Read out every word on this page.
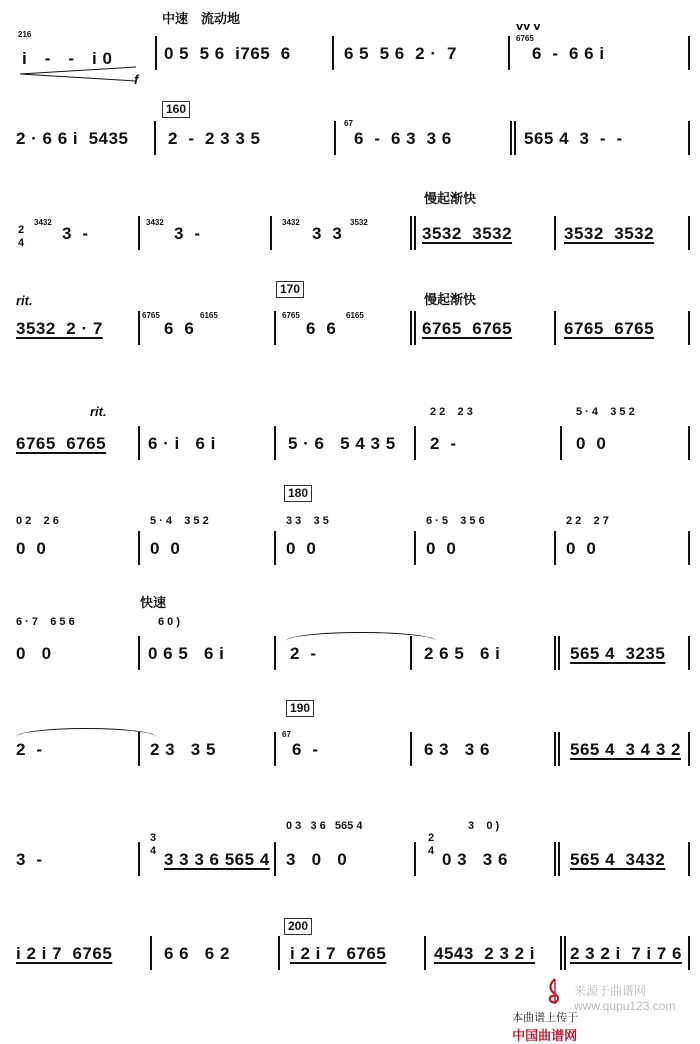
216
i　-　-　i 0
f
中速　流动地
0 5  5 6  i765  6	6 5  5 6  2 ·  7
6765
ⅴⅴ ⅴ
6  -  6 6 i
2 · 6 6 i  5435
160
2  -  2 3 3 5
67
6  -  6 3  3 6	565 4  3  -  -
2
4
3432
3  -
3432
3  -
3432	3532
3  3
慢起渐快
3532  3532	3532  3532
rit.
3532  2 · 7
6765	6165
6  6
170
6765	6165
6  6
慢起渐快
6765  6765	6765  6765
6765  6765
rit.
6 · i   6 i	5 · 6   5 4 3 5
2 2    2 3
2  -
5 · 4    3 5 2
0  0
0 2    2 6
0  0
5 · 4    3 5 2
0  0
180
3 3    3 5
0  0
6 · 5    3 5 6
0  0
2 2    2 7
0  0
6 · 7    6 5 6
0   0
快速
6 0 )
0 6 5   6 i	2  -	2 6 5   6 i	565 4  3235
2  -	2 3   3 5
190
67
6  -	6 3   3 6	565 4  3 4 3 2
3  -
3
4 3 3 3 6 565 4
0 3   3 6   565 4
3   0   0
2
4
3    0 )
0 3   3 6	565 4  3432
i 2 i 7  6765	6 6   6 2
200
i 2 i 7  6765	4543  2 3 2 i 2 3 2 i  7 i 7 6
来源于曲谱网
www.qupu123.com

本曲谱上传于
中国曲谱网
